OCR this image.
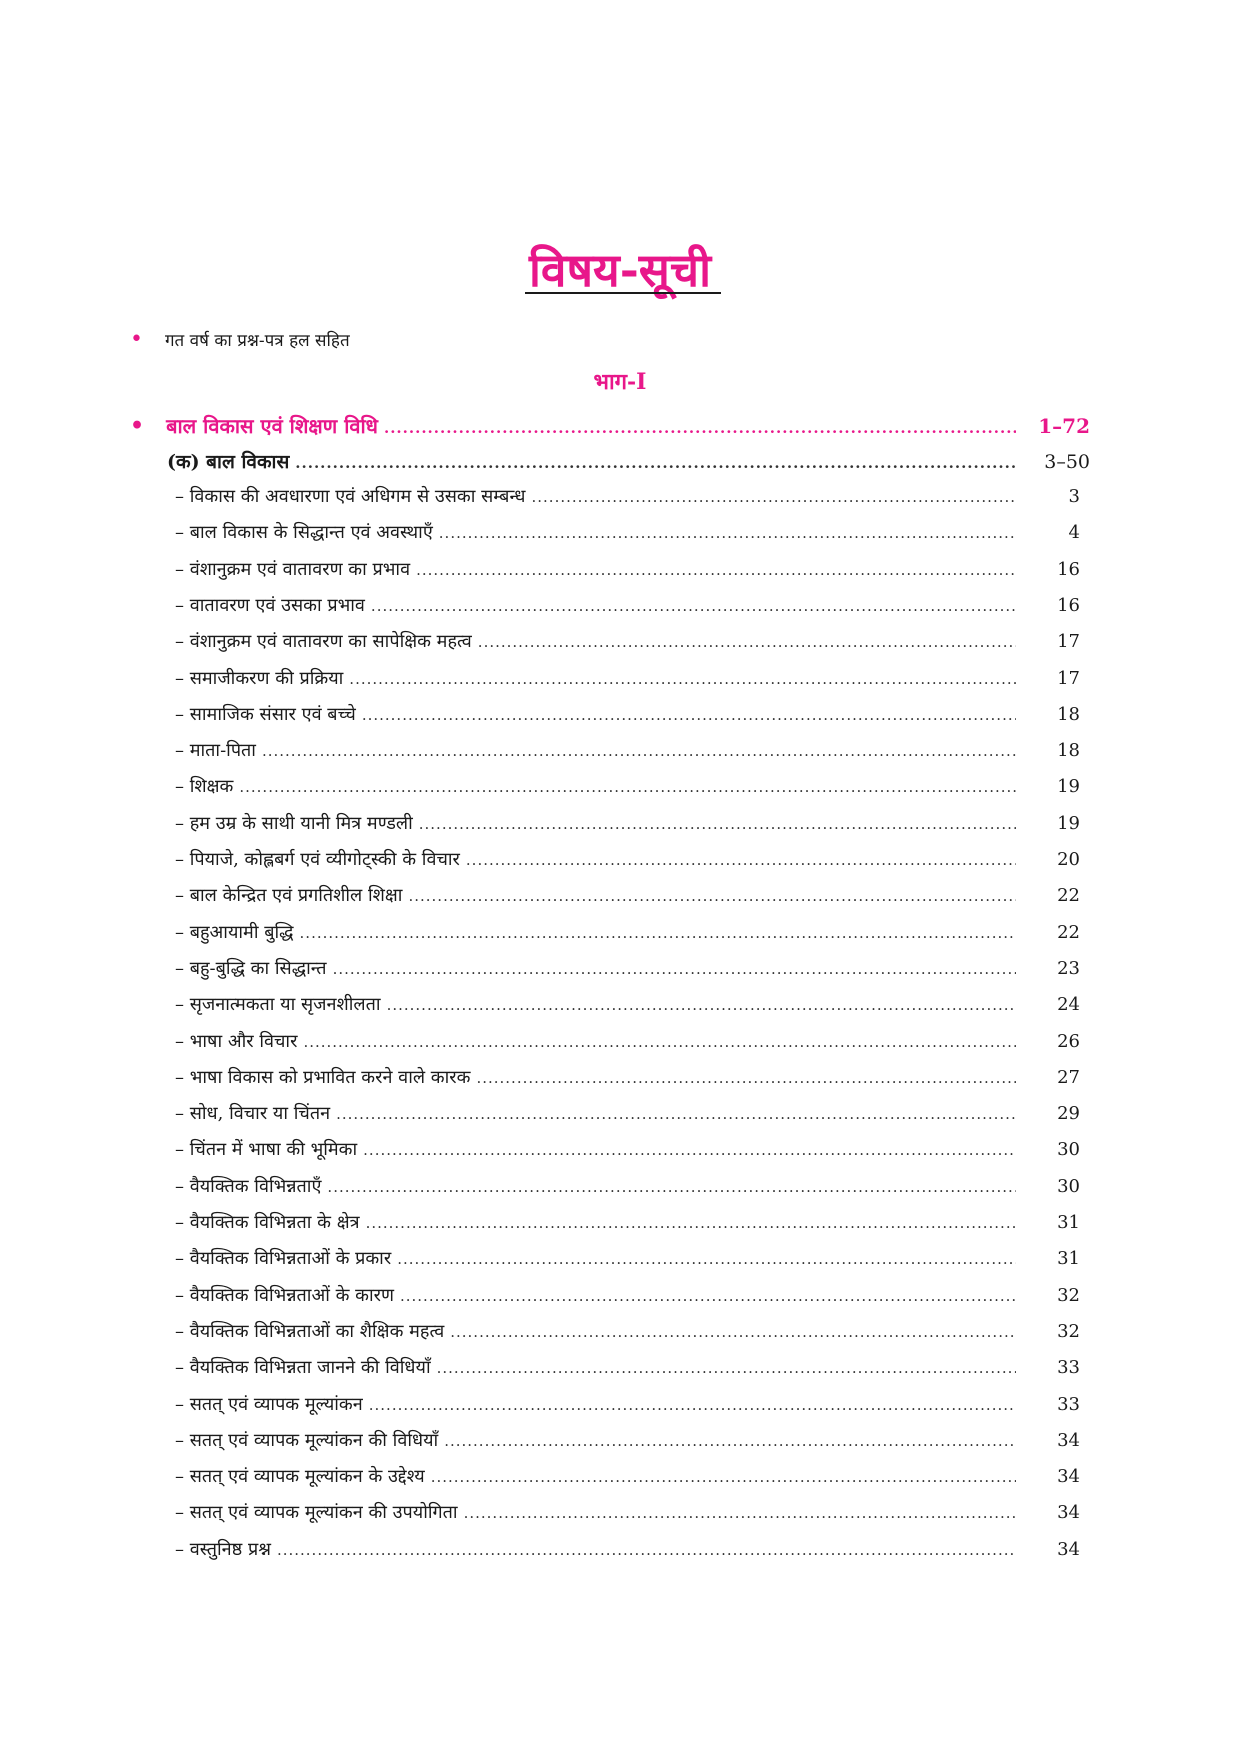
विषय-सूची
• गत वर्ष का प्रश्न-पत्र हल सहित
भाग-I
• बाल विकास एवं शिक्षण विधि .....	1–72
(क) बाल विकास .....	3–50
– विकास की अवधारणा एवं अधिगम से उसका सम्बन्ध .....	3
– बाल विकास के सिद्धान्त एवं अवस्थाएँ .....	4
– वंशानुक्रम एवं वातावरण का प्रभाव .....	16
– वातावरण एवं उसका प्रभाव .....	16
– वंशानुक्रम एवं वातावरण का सापेक्षिक महत्व .....	17
– समाजीकरण की प्रक्रिया .....	17
– सामाजिक संसार एवं बच्चे .....	18
– माता-पिता .....	18
– शिक्षक .....	19
– हम उम्र के साथी यानी मित्र मण्डली .....	19
– पियाजे, कोह्लबर्ग एवं व्यीगोट्स्की के विचार .....	20
– बाल केन्द्रित एवं प्रगतिशील शिक्षा .....	22
– बहुआयामी बुद्धि .....	22
– बहु-बुद्धि का सिद्धान्त .....	23
– सृजनात्मकता या सृजनशीलता .....	24
– भाषा और विचार .....	26
– भाषा विकास को प्रभावित करने वाले कारक .....	27
– सोध, विचार या चिंतन .....	29
– चिंतन में भाषा की भूमिका .....	30
– वैयक्तिक विभिन्नताएँ .....	30
– वैयक्तिक विभिन्नता के क्षेत्र .....	31
– वैयक्तिक विभिन्नताओं के प्रकार .....	31
– वैयक्तिक विभिन्नताओं के कारण .....	32
– वैयक्तिक विभिन्नताओं का शैक्षिक महत्व .....	32
– वैयक्तिक विभिन्नता जानने की विधियाँ .....	33
– सतत् एवं व्यापक मूल्यांकन .....	33
– सतत् एवं व्यापक मूल्यांकन की विधियाँ .....	34
– सतत् एवं व्यापक मूल्यांकन के उद्देश्य .....	34
– सतत् एवं व्यापक मूल्यांकन की उपयोगिता .....	34
– वस्तुनिष्ठ प्रश्न .....	34
